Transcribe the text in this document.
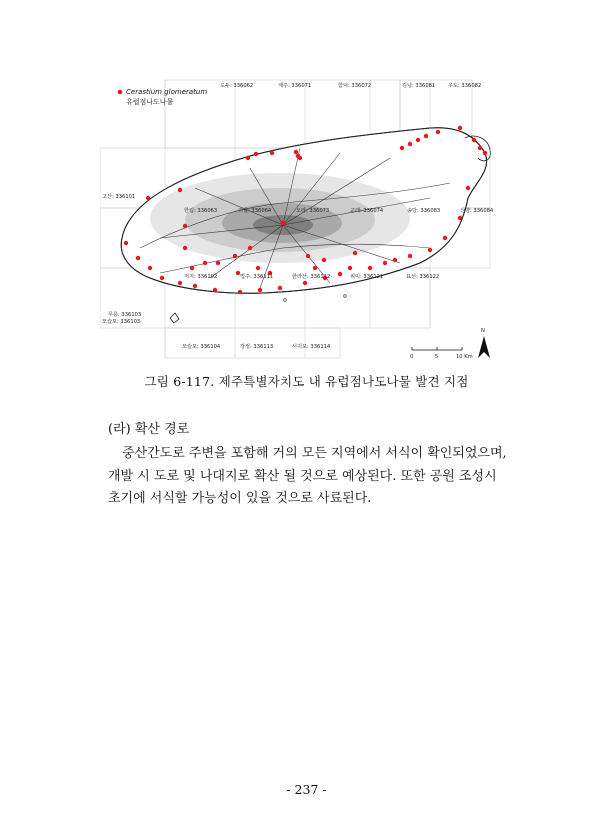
Cerastium glomeratum
유럽점나도나물
도두: 336062	제주: 336071	함덕: 336072	김녕: 336081 우도: 336082
고산: 336101
한림: 336063	귀월: 336064	오라: 336073	교래: 336074	송당: 336083	신양: 336084
저지: 336102
모슬포: 336103
법주: 336111	한라산: 336112	위미: 336121	표선: 336122
무릉: 336103
모슬포: 336104	강정: 336113	서귀포: 336114
0	5	10 Km
N
그림 6-117. 제주특별자치도 내 유럽점나도나물 발견 지점
(라) 확산 경로

중산간도로 주변을 포함해 거의 모든 지역에서 서식이 확인되었으며,

개발 시 도로 및 나대지로 확산 될 것으로 예상된다. 또한 공원 조성시

초기에 서식할 가능성이 있을 것으로 사료된다.

- 237 -
